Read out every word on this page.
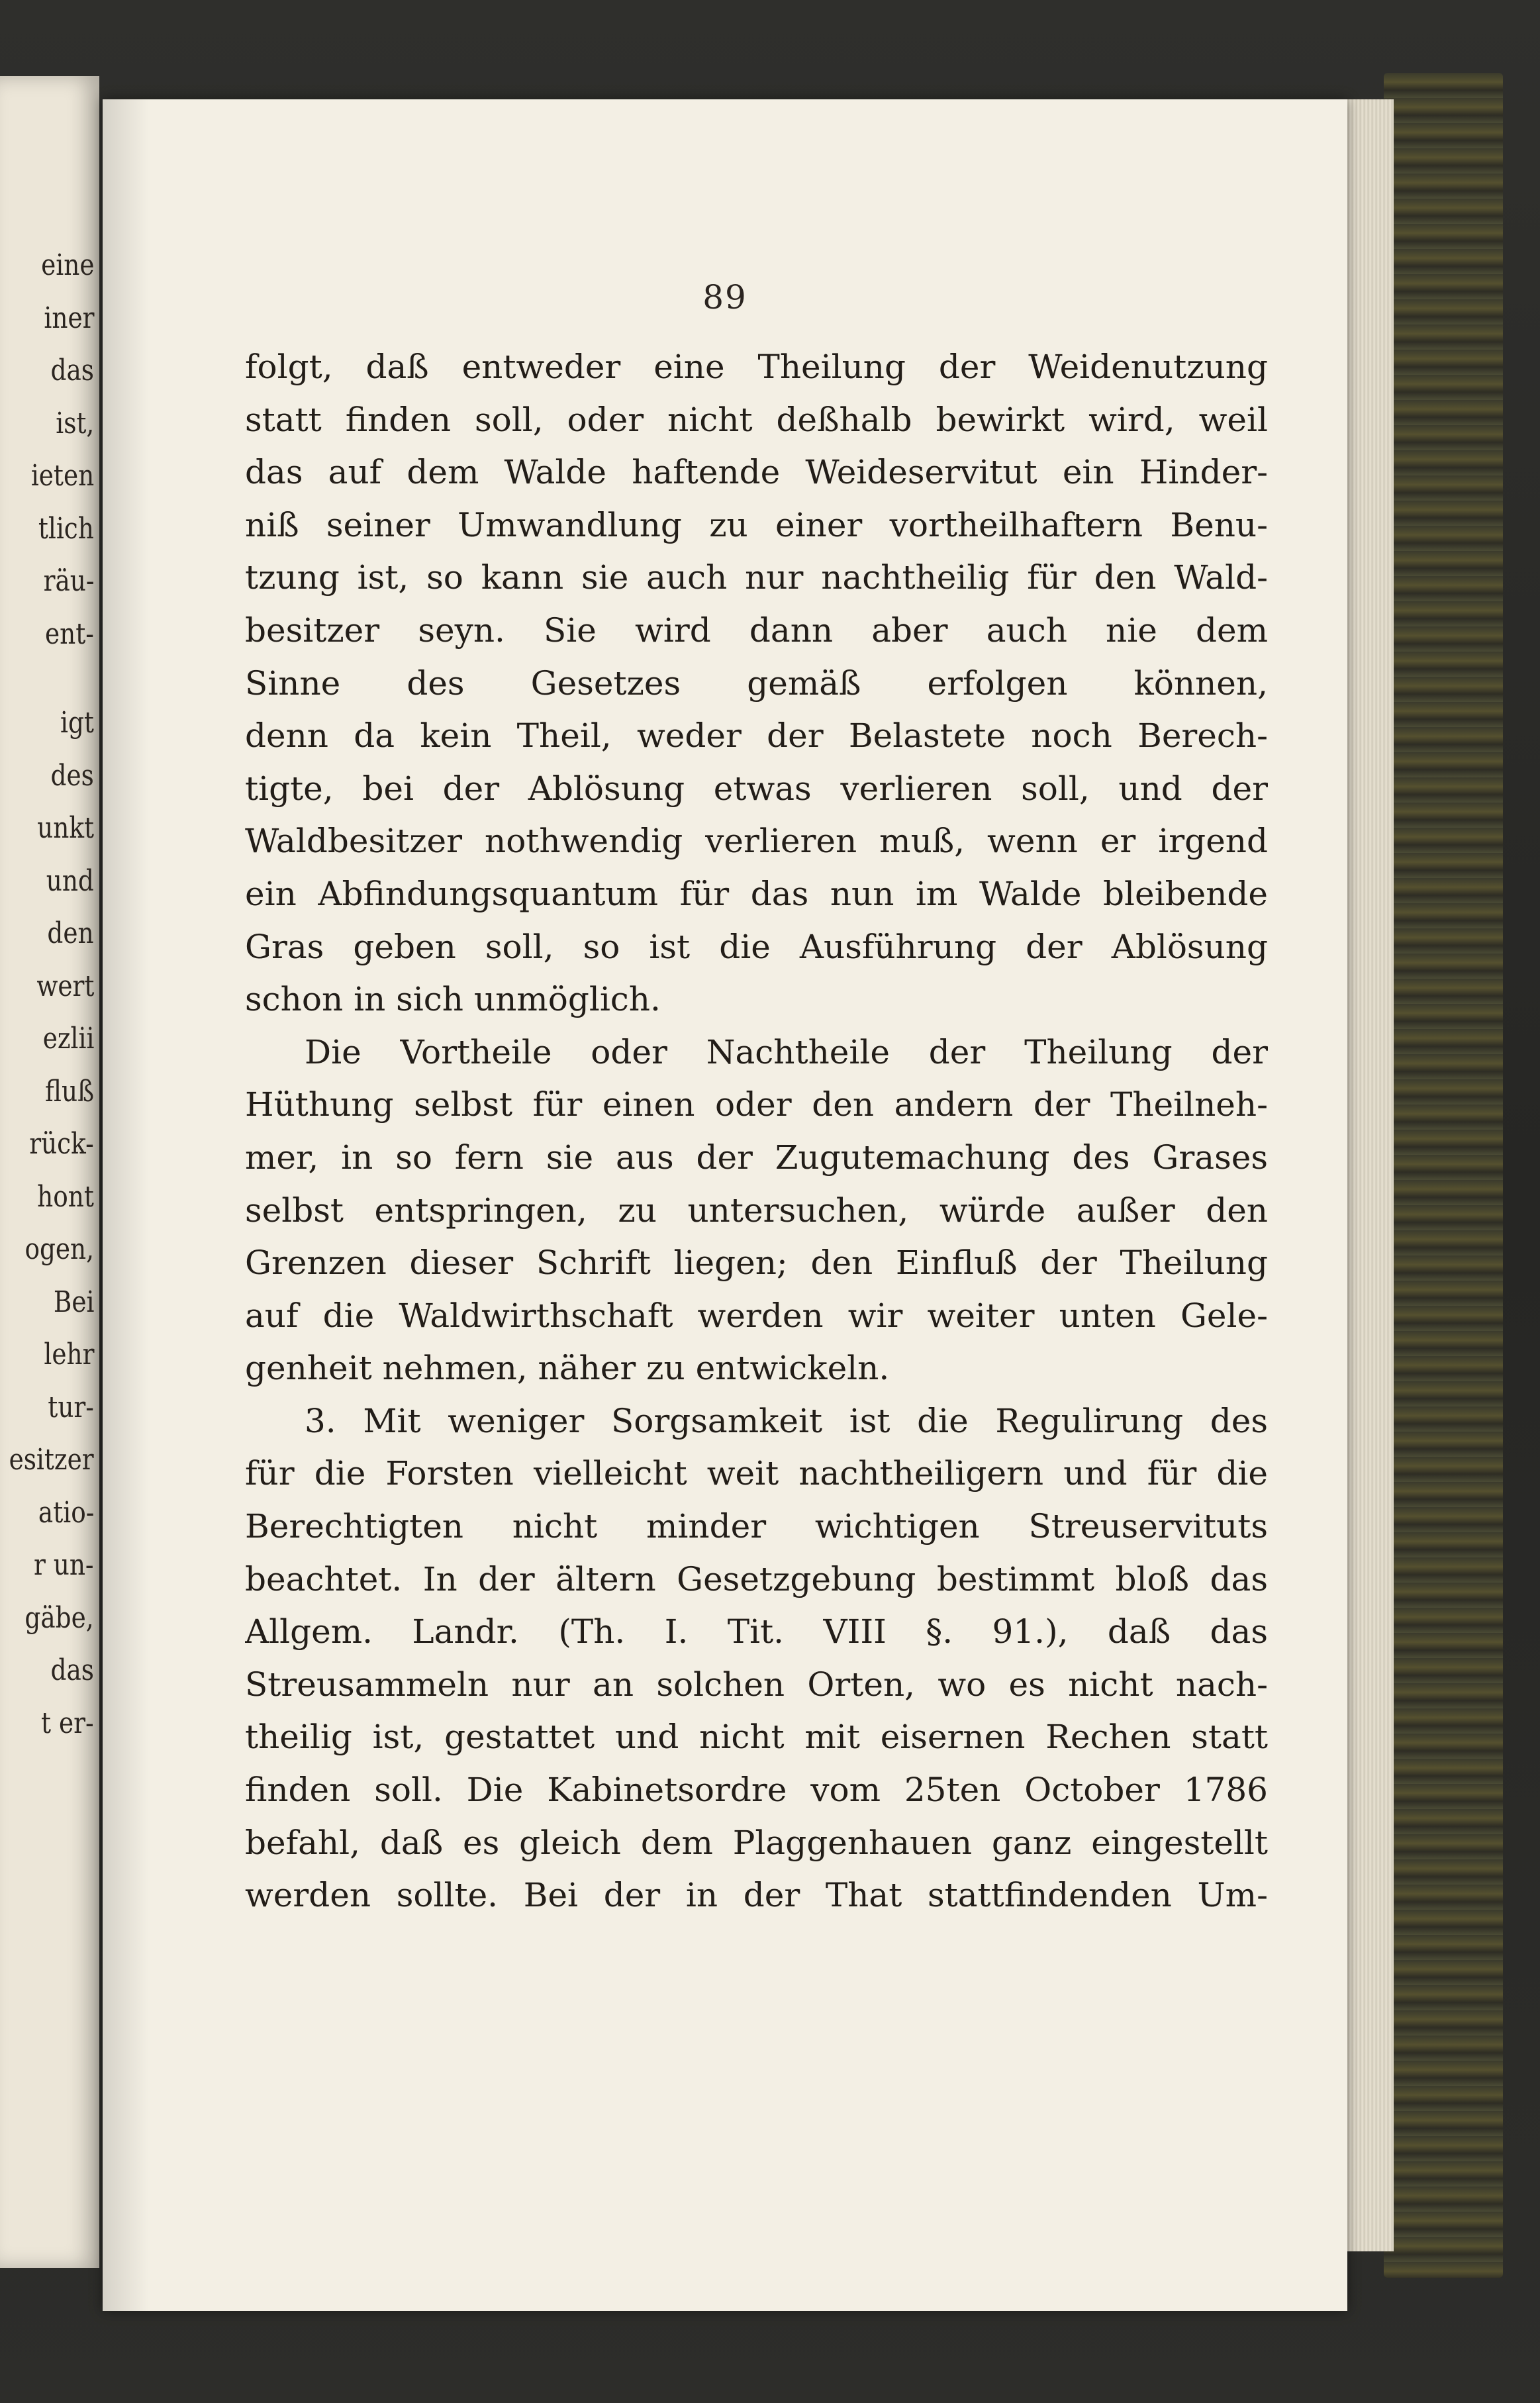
eine
iner
das
ist,
ieten
tlich
räu-
ent-
igt
des
unkt
und
den
wert
ezlii
fluß
rück-
hont
ogen,
Bei
lehr
tur-
esitzer
atio-
r un-
gäbe,
das
t er-
89
folgt, daß entweder eine Theilung der Weidenutzung
statt finden soll, oder nicht deßhalb bewirkt wird, weil
das auf dem Walde haftende Weideservitut ein Hinder-
niß seiner Umwandlung zu einer vortheilhaftern Benu-
tzung ist, so kann sie auch nur nachtheilig für den Wald-
besitzer seyn. Sie wird dann aber auch nie dem
Sinne des Gesetzes gemäß erfolgen können,
denn da kein Theil, weder der Belastete noch Berech-
tigte, bei der Ablösung etwas verlieren soll, und der
Waldbesitzer nothwendig verlieren muß, wenn er irgend
ein Abfindungsquantum für das nun im Walde bleibende
Gras geben soll, so ist die Ausführung der Ablösung
schon in sich unmöglich.
Die Vortheile oder Nachtheile der Theilung der
Hüthung selbst für einen oder den andern der Theilneh-
mer, in so fern sie aus der Zugutemachung des Grases
selbst entspringen, zu untersuchen, würde außer den
Grenzen dieser Schrift liegen; den Einfluß der Theilung
auf die Waldwirthschaft werden wir weiter unten Gele-
genheit nehmen, näher zu entwickeln.
3. Mit weniger Sorgsamkeit ist die Regulirung des
für die Forsten vielleicht weit nachtheiligern und für die
Berechtigten nicht minder wichtigen Streuservituts
beachtet. In der ältern Gesetzgebung bestimmt bloß das
Allgem. Landr. (Th. I. Tit. VIII §. 91.), daß das
Streusammeln nur an solchen Orten, wo es nicht nach-
theilig ist, gestattet und nicht mit eisernen Rechen statt
finden soll. Die Kabinetsordre vom 25ten October 1786
befahl, daß es gleich dem Plaggenhauen ganz eingestellt
werden sollte. Bei der in der That stattfindenden Um-
